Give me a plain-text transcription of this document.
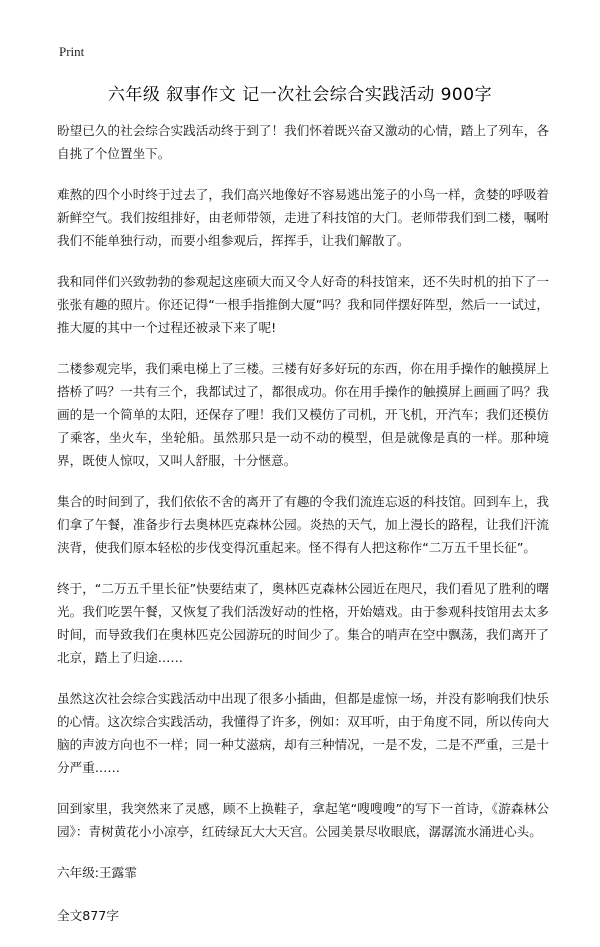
Print
六年级 叙事作文 记一次社会综合实践活动 900字

盼望已久的社会综合实践活动终于到了！我们怀着既兴奋又激动的心情，踏上了列车，各自挑了个位置坐下。

难熬的四个小时终于过去了，我们高兴地像好不容易逃出笼子的小鸟一样，贪婪的呼吸着新鲜空气。我们按组排好，由老师带领，走进了科技馆的大门。老师带我们到二楼，嘱咐我们不能单独行动，而要小组参观后，挥挥手，让我们解散了。

我和同伴们兴致勃勃的参观起这座硕大而又令人好奇的科技馆来，还不失时机的拍下了一张张有趣的照片。你还记得“一根手指推倒大厦”吗？我和同伴摆好阵型，然后一一试过，推大厦的其中一个过程还被录下来了呢!

二楼参观完毕，我们乘电梯上了三楼。三楼有好多好玩的东西，你在用手操作的触摸屏上搭桥了吗？一共有三个，我都试过了，都很成功。你在用手操作的触摸屏上画画了吗？我画的是一个简单的太阳，还保存了哩！我们又模仿了司机，开飞机，开汽车；我们还模仿了乘客，坐火车，坐轮船。虽然那只是一动不动的模型，但是就像是真的一样。那种境界，既使人惊叹，又叫人舒服，十分惬意。

集合的时间到了，我们依依不舍的离开了有趣的令我们流连忘返的科技馆。回到车上，我们拿了午餐，准备步行去奥林匹克森林公园。炎热的天气，加上漫长的路程，让我们汗流浃背，使我们原本轻松的步伐变得沉重起来。怪不得有人把这称作“二万五千里长征”。

终于，“二万五千里长征”快要结束了，奥林匹克森林公园近在咫尺，我们看见了胜利的曙光。我们吃罢午餐，又恢复了我们活泼好动的性格，开始嬉戏。由于参观科技馆用去太多时间，而导致我们在奥林匹克公园游玩的时间少了。集合的哨声在空中飘荡，我们离开了北京，踏上了归途……

虽然这次社会综合实践活动中出现了很多小插曲，但都是虚惊一场，并没有影响我们快乐的心情。这次综合实践活动，我懂得了许多，例如：双耳听，由于角度不同，所以传向大脑的声波方向也不一样；同一种艾滋病，却有三种情况，一是不发，二是不严重，三是十分严重……

回到家里，我突然来了灵感，顾不上换鞋子，拿起笔“嗖嗖嗖”的写下一首诗，《游森林公园》：青树黄花小小凉亭，红砖绿瓦大大天宫。公园美景尽收眼底，潺潺流水涌进心头。

六年级:王露霏

全文877字
